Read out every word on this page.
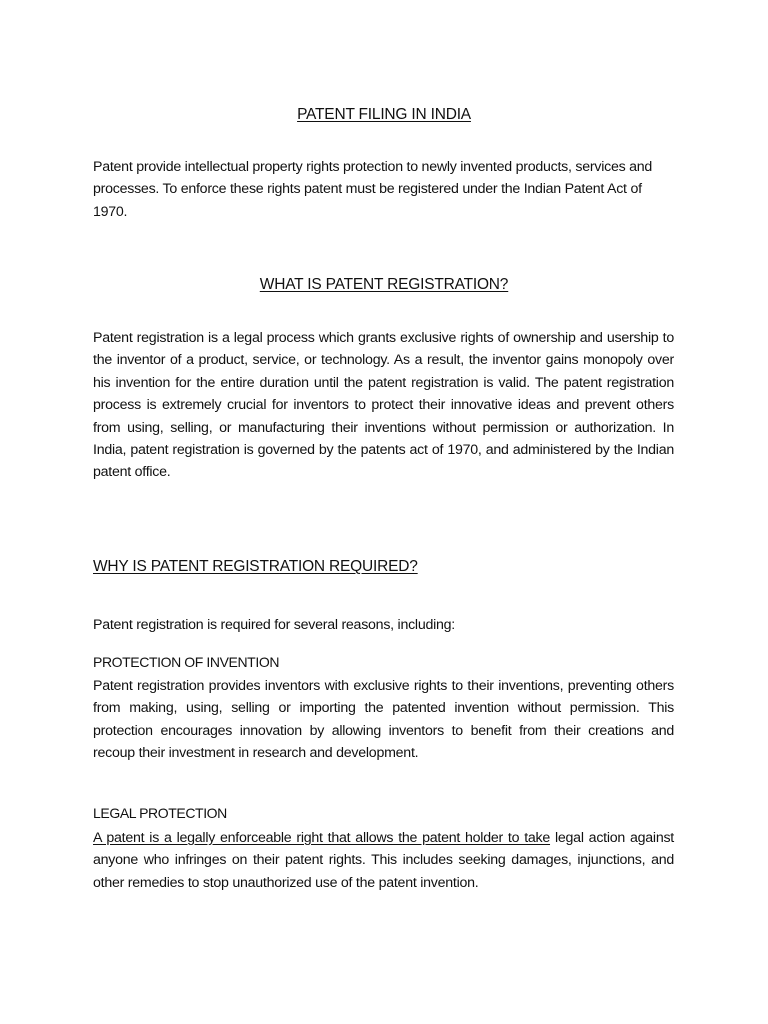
PATENT FILING IN INDIA

Patent provide intellectual property rights protection to newly invented products, services and processes. To enforce these rights patent must be registered under the Indian Patent Act of 1970.

WHAT IS PATENT REGISTRATION?

Patent registration is a legal process which grants exclusive rights of ownership and usership to the inventor of a product, service, or technology. As a result, the inventor gains monopoly over his invention for the entire duration until the patent registration is valid. The patent registration process is extremely crucial for inventors to protect their innovative ideas and prevent others from using, selling, or manufacturing their inventions without permission or authorization. In India, patent registration is governed by the patents act of 1970, and administered by the Indian patent office.

WHY IS PATENT REGISTRATION REQUIRED?

Patent registration is required for several reasons, including:

PROTECTION OF INVENTION

Patent registration provides inventors with exclusive rights to their inventions, preventing others from making, using, selling or importing the patented invention without permission. This protection encourages innovation by allowing inventors to benefit from their creations and recoup their investment in research and development.

LEGAL PROTECTION

A patent is a legally enforceable right that allows the patent holder to take legal action against anyone who infringes on their patent rights. This includes seeking damages, injunctions, and other remedies to stop unauthorized use of the patent invention.
